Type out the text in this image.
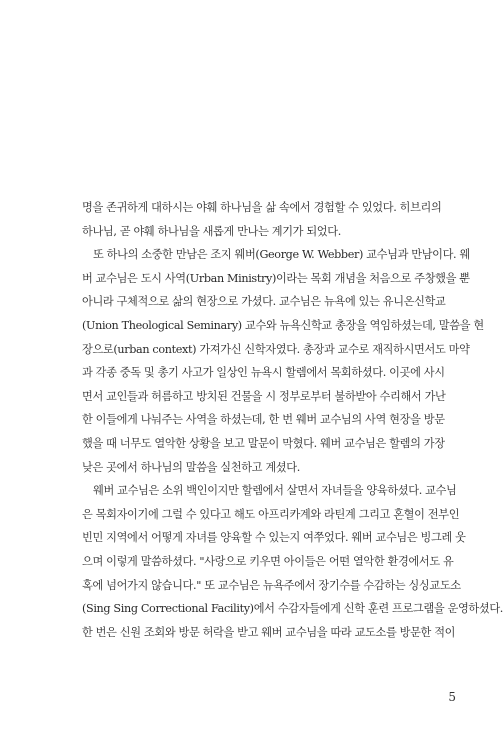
명을 존귀하게 대하시는 야훼 하나님을 삶 속에서 경험할 수 있었다. 히브리의
하나님, 곧 야훼 하나님을 새롭게 만나는 계기가 되었다.
또 하나의 소중한 만남은 조지 웨버(George W. Webber) 교수님과 만남이다. 웨
버 교수님은 도시 사역(Urban Ministry)이라는 목회 개념을 처음으로 주창했을 뿐
아니라 구체적으로 삶의 현장으로 가셨다. 교수님은 뉴욕에 있는 유니온신학교
(Union Theological Seminary) 교수와 뉴욕신학교 총장을 역임하셨는데, 말씀을 현
장으로(urban context) 가져가신 신학자였다. 총장과 교수로 재직하시면서도 마약
과 각종 중독 및 총기 사고가 일상인 뉴욕시 할렘에서 목회하셨다. 이곳에 사시
면서 교인들과 허름하고 방치된 건물을 시 정부로부터 불하받아 수리해서 가난
한 이들에게 나눠주는 사역을 하셨는데, 한 번 웨버 교수님의 사역 현장을 방문
했을 때 너무도 열악한 상황을 보고 말문이 막혔다. 웨버 교수님은 할렘의 가장
낮은 곳에서 하나님의 말씀을 실천하고 계셨다.
웨버 교수님은 소위 백인이지만 할렘에서 살면서 자녀들을 양육하셨다. 교수님
은 목회자이기에 그럴 수 있다고 해도 아프리카계와 라틴계 그리고 혼혈이 전부인
빈민 지역에서 어떻게 자녀를 양육할 수 있는지 여쭈었다. 웨버 교수님은 빙그레 웃
으며 이렇게 말씀하셨다. "사랑으로 키우면 아이들은 어떤 열악한 환경에서도 유
혹에 넘어가지 않습니다." 또 교수님은 뉴욕주에서 장기수를 수감하는 싱싱교도소
(Sing Sing Correctional Facility)에서 수감자들에게 신학 훈련 프로그램을 운영하셨다.
한 번은 신원 조회와 방문 허락을 받고 웨버 교수님을 따라 교도소를 방문한 적이
5
